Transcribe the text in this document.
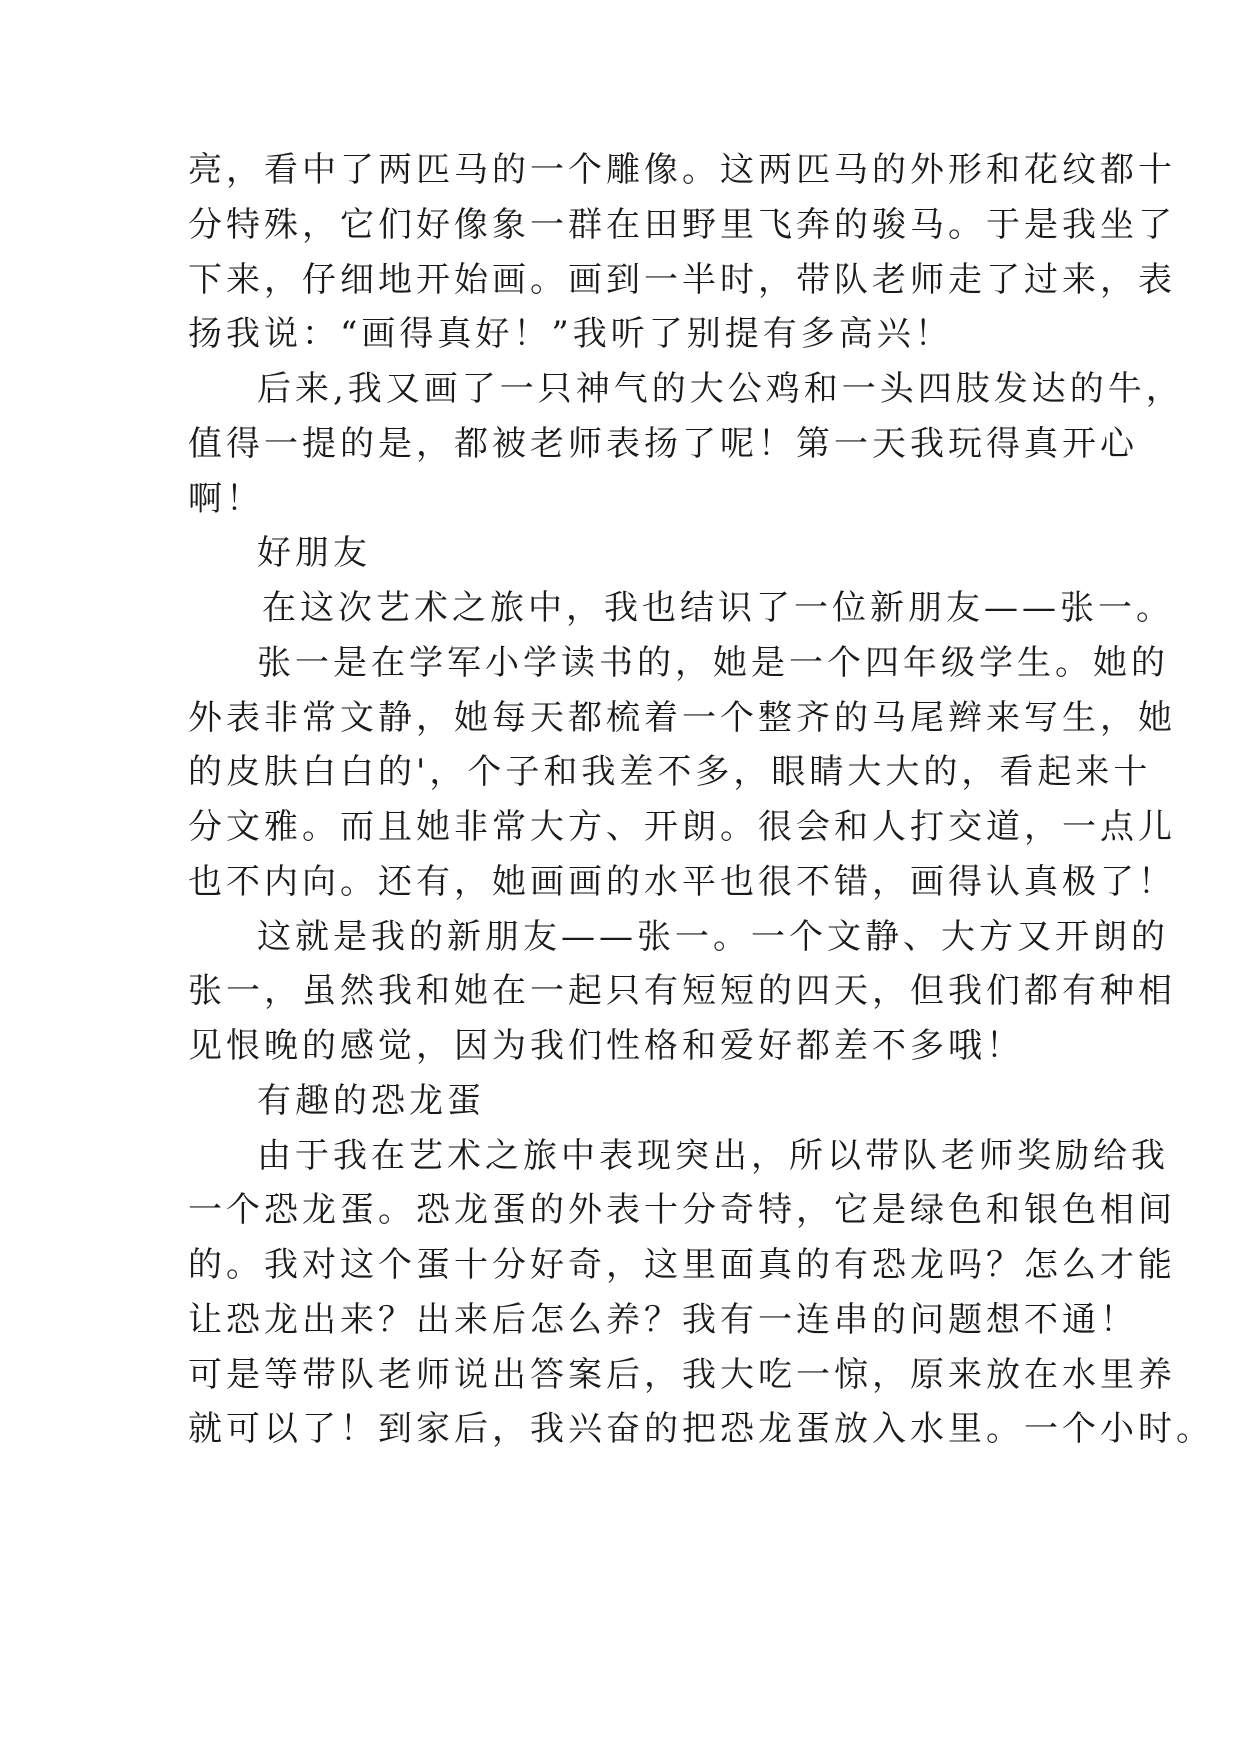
亮，看中了两匹马的一个雕像。这两匹马的外形和花纹都十
分特殊，它们好像象一群在田野里飞奔的骏马。于是我坐了
下来，仔细地开始画。画到一半时，带队老师走了过来，表
扬我说：“画得真好！”我听了别提有多高兴！
后来,我又画了一只神气的大公鸡和一头四肢发达的牛，
值得一提的是，都被老师表扬了呢！第一天我玩得真开心
啊！
好朋友
在这次艺术之旅中，我也结识了一位新朋友——张一。
张一是在学军小学读书的，她是一个四年级学生。她的
外表非常文静，她每天都梳着一个整齐的马尾辫来写生，她
的皮肤白白的'，个子和我差不多，眼睛大大的，看起来十
分文雅。而且她非常大方、开朗。很会和人打交道，一点儿
也不内向。还有，她画画的水平也很不错，画得认真极了！
这就是我的新朋友——张一。一个文静、大方又开朗的
张一，虽然我和她在一起只有短短的四天，但我们都有种相
见恨晚的感觉，因为我们性格和爱好都差不多哦！
有趣的恐龙蛋
由于我在艺术之旅中表现突出，所以带队老师奖励给我
一个恐龙蛋。恐龙蛋的外表十分奇特，它是绿色和银色相间
的。我对这个蛋十分好奇，这里面真的有恐龙吗？怎么才能
让恐龙出来？出来后怎么养？我有一连串的问题想不通！
可是等带队老师说出答案后，我大吃一惊，原来放在水里养
就可以了！到家后，我兴奋的把恐龙蛋放入水里。一个小时。
